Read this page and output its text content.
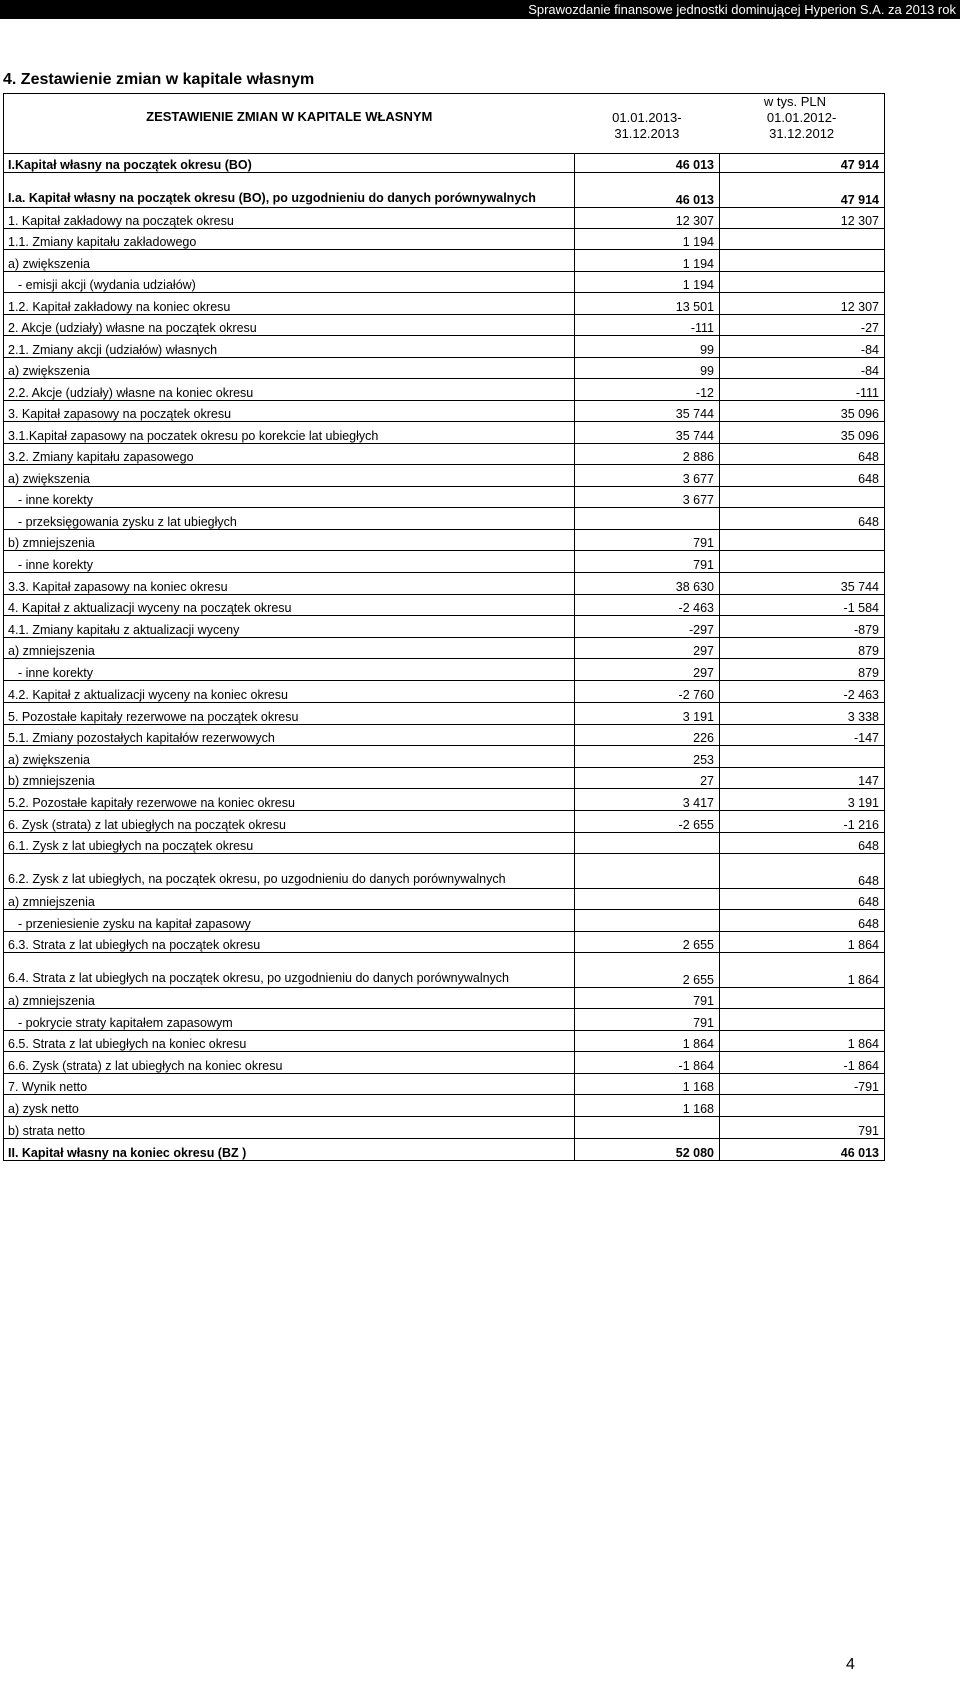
Sprawozdanie finansowe jednostki dominującej Hyperion S.A. za 2013 rok
4. Zestawienie zmian w kapitale własnym
ZESTAWIENIE ZMIAN W KAPITALE WŁASNYM	w tys. PLN
01.01.2013-
31.12.2013
01.01.2012-
31.12.2012	

I.Kapitał własny na początek okresu (BO)	46 013	47 914
I.a. Kapitał własny na początek okresu (BO), po uzgodnieniu do danych porównywalnych	46 013	47 914
1. Kapitał zakładowy na początek okresu	12 307	12 307
1.1. Zmiany kapitału zakładowego	1 194	
a) zwiększenia	1 194	
- emisji akcji (wydania udziałów)	1 194	
1.2. Kapitał zakładowy na koniec okresu	13 501	12 307
2. Akcje (udziały) własne na początek okresu	-111	-27
2.1. Zmiany akcji (udziałów) własnych	99	-84
a) zwiększenia	99	-84
2.2. Akcje (udziały) własne na koniec okresu	-12	-111
3. Kapitał zapasowy na początek okresu	35 744	35 096
3.1.Kapitał zapasowy na poczatek okresu po korekcie lat ubiegłych	35 744	35 096
3.2. Zmiany kapitału zapasowego	2 886	648
a) zwiększenia	3 677	648
- inne korekty	3 677	
- przeksięgowania zysku z lat ubiegłych		648
b) zmniejszenia	791	
- inne korekty	791	
3.3. Kapitał zapasowy na koniec okresu	38 630	35 744
4. Kapitał z aktualizacji wyceny na początek okresu	-2 463	-1 584
4.1. Zmiany kapitału z aktualizacji wyceny	-297	-879
a) zmniejszenia	297	879
- inne korekty	297	879
4.2. Kapitał z aktualizacji wyceny na koniec okresu	-2 760	-2 463
5. Pozostałe kapitały rezerwowe na początek okresu	3 191	3 338
5.1. Zmiany pozostałych kapitałów rezerwowych	226	-147
a) zwiększenia	253	
b) zmniejszenia	27	147
5.2. Pozostałe kapitały rezerwowe na koniec okresu	3 417	3 191
6. Zysk (strata) z lat ubiegłych na początek okresu	-2 655	-1 216
6.1. Zysk z lat ubiegłych na początek okresu		648
6.2. Zysk z lat ubiegłych, na początek okresu, po uzgodnieniu do danych porównywalnych		648
a) zmniejszenia		648
- przeniesienie zysku na kapitał zapasowy		648
6.3. Strata z lat ubiegłych na początek okresu	2 655	1 864
6.4. Strata z lat ubiegłych na początek okresu, po uzgodnieniu do danych porównywalnych	2 655	1 864
a) zmniejszenia	791	
- pokrycie straty kapitałem zapasowym	791	
6.5. Strata z lat ubiegłych na koniec okresu	1 864	1 864
6.6. Zysk (strata) z lat ubiegłych na koniec okresu	-1 864	-1 864
7. Wynik netto	1 168	-791
a) zysk netto	1 168	
b) strata netto		791
II. Kapitał własny na koniec okresu (BZ )	52 080	46 013
4
